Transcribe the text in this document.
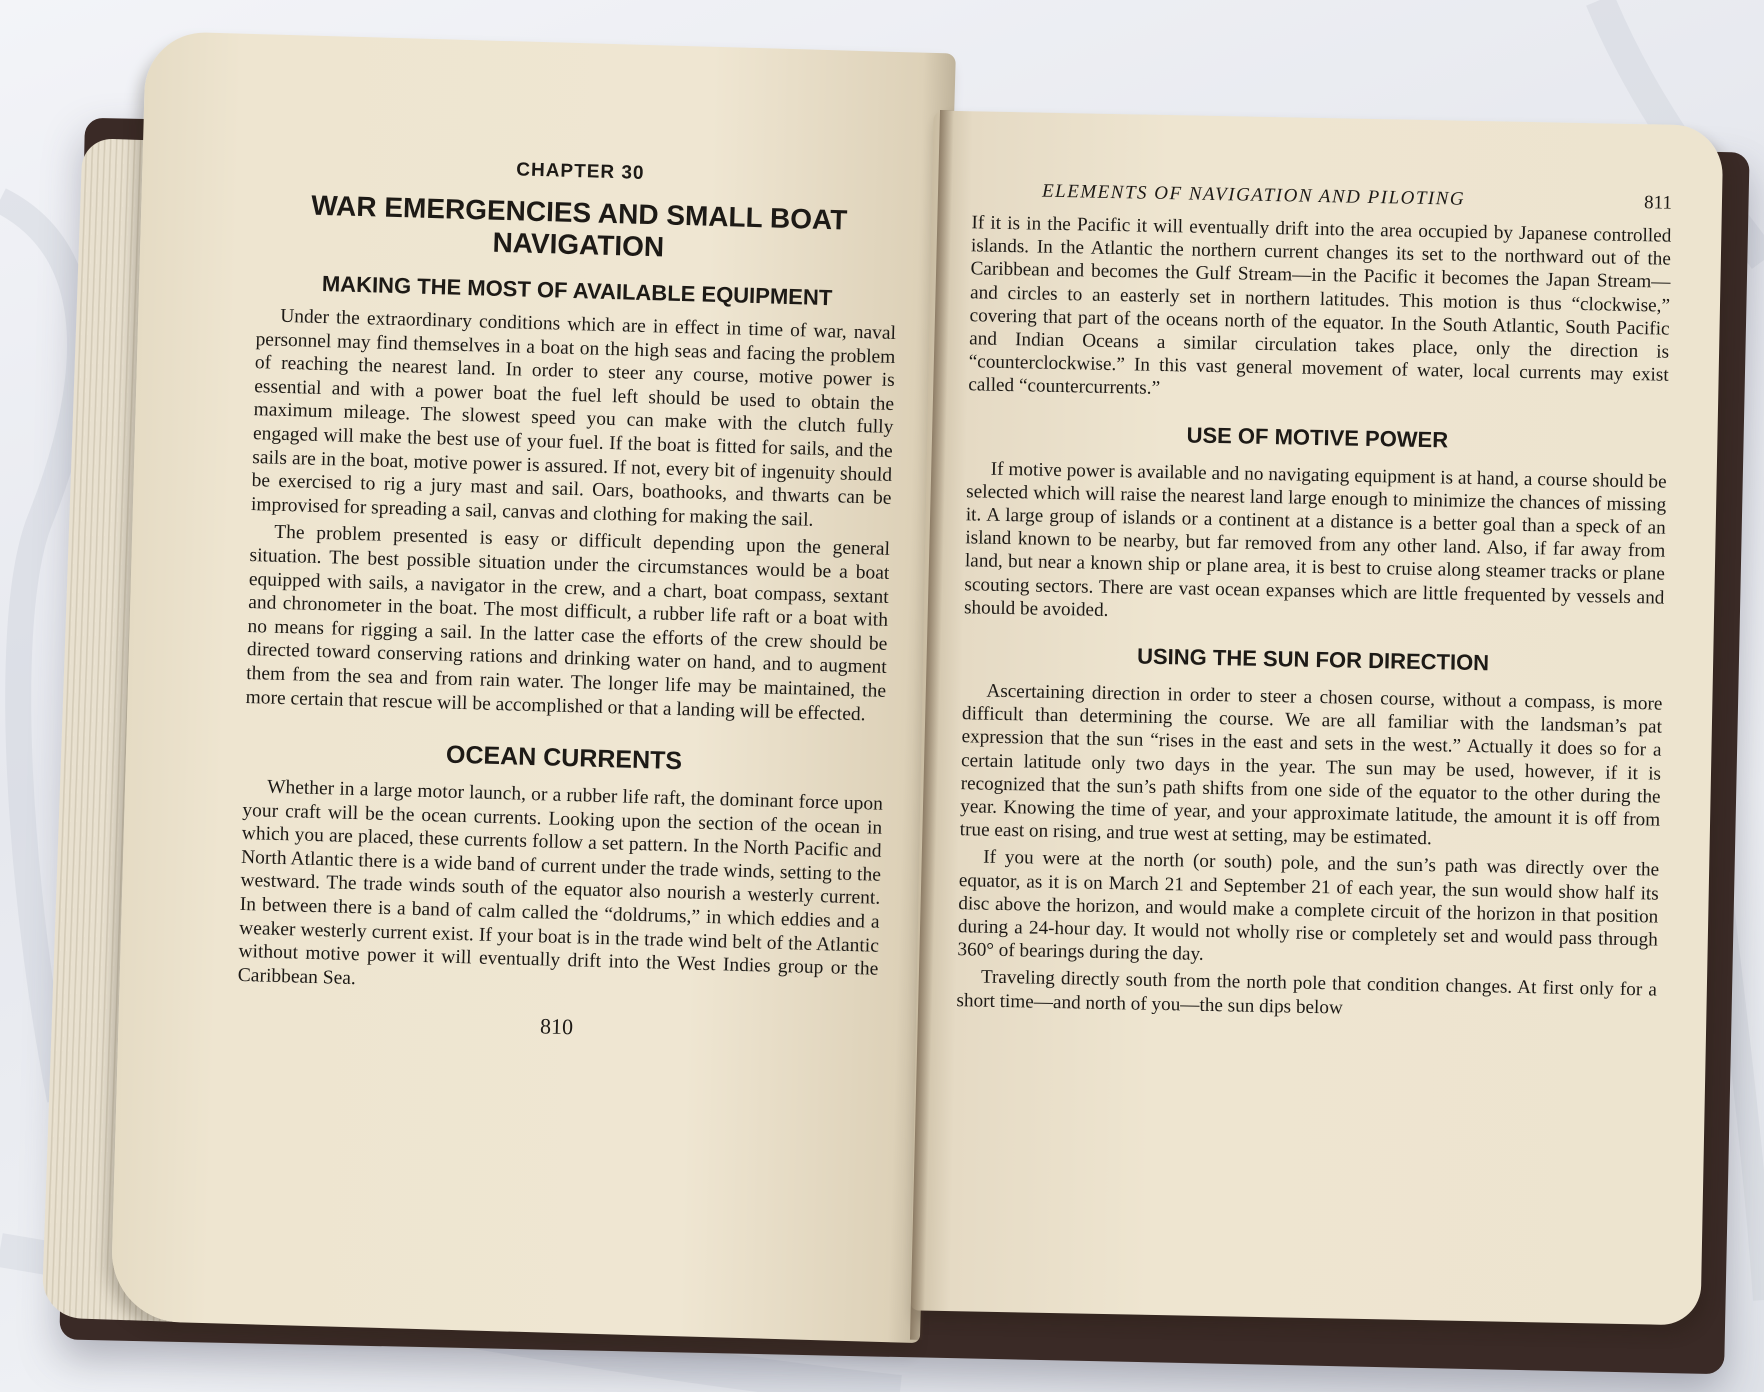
CHAPTER 30
WAR EMERGENCIES AND SMALL BOAT
NAVIGATION
MAKING THE MOST OF AVAILABLE EQUIPMENT

Under the extraordinary conditions which are in effect in time of war, naval personnel may find themselves in a boat on the high seas and facing the problem of reaching the nearest land. In order to steer any course, motive power is essential and with a power boat the fuel left should be used to obtain the maximum mileage. The slowest speed you can make with the clutch fully engaged will make the best use of your fuel. If the boat is fitted for sails, and the sails are in the boat, motive power is assured. If not, every bit of ingenuity should be exercised to rig a jury mast and sail. Oars, boathooks, and thwarts can be improvised for spreading a sail, canvas and clothing for making the sail.

The problem presented is easy or difficult depending upon the general situation. The best possible situation under the circumstances would be a boat equipped with sails, a navigator in the crew, and a chart, boat compass, sextant and chronometer in the boat. The most difficult, a rubber life raft or a boat with no means for rigging a sail. In the latter case the efforts of the crew should be directed toward conserving rations and drinking water on hand, and to augment them from the sea and from rain water. The longer life may be maintained, the more certain that rescue will be accomplished or that a landing will be effected.

OCEAN CURRENTS

Whether in a large motor launch, or a rubber life raft, the dominant force upon your craft will be the ocean currents. Looking upon the section of the ocean in which you are placed, these currents follow a set pattern. In the North Pacific and North Atlantic there is a wide band of current under the trade winds, setting to the westward. The trade winds south of the equator also nourish a westerly current. In between there is a band of calm called the “doldrums,” in which eddies and a weaker westerly current exist. If your boat is in the trade wind belt of the Atlantic without motive power it will eventually drift into the West Indies group or the Caribbean Sea.

810
ELEMENTS OF NAVIGATION AND PILOTING	811

If it is in the Pacific it will eventually drift into the area occupied by Japanese controlled islands. In the Atlantic the northern current changes its set to the northward out of the Caribbean and becomes the Gulf Stream—in the Pacific it becomes the Japan Stream—and circles to an easterly set in northern latitudes. This motion is thus “clockwise,” covering that part of the oceans north of the equator. In the South Atlantic, South Pacific and Indian Oceans a similar circulation takes place, only the direction is “counterclockwise.” In this vast general movement of water, local currents may exist called “countercurrents.”

USE OF MOTIVE POWER

If motive power is available and no navigating equipment is at hand, a course should be selected which will raise the nearest land large enough to minimize the chances of missing it. A large group of islands or a continent at a distance is a better goal than a speck of an island known to be nearby, but far removed from any other land. Also, if far away from land, but near a known ship or plane area, it is best to cruise along steamer tracks or plane scouting sectors. There are vast ocean expanses which are little frequented by vessels and should be avoided.

USING THE SUN FOR DIRECTION

Ascertaining direction in order to steer a chosen course, without a compass, is more difficult than determining the course. We are all familiar with the landsman’s pat expression that the sun “rises in the east and sets in the west.” Actually it does so for a certain latitude only two days in the year. The sun may be used, however, if it is recognized that the sun’s path shifts from one side of the equator to the other during the year. Knowing the time of year, and your approximate latitude, the amount it is off from true east on rising, and true west at setting, may be estimated.

If you were at the north (or south) pole, and the sun’s path was directly over the equator, as it is on March 21 and September 21 of each year, the sun would show half its disc above the horizon, and would make a complete circuit of the horizon in that position during a 24-hour day. It would not wholly rise or completely set and would pass through 360° of bearings during the day.

Traveling directly south from the north pole that condition changes. At first only for a short time—and north of you—the sun dips below
